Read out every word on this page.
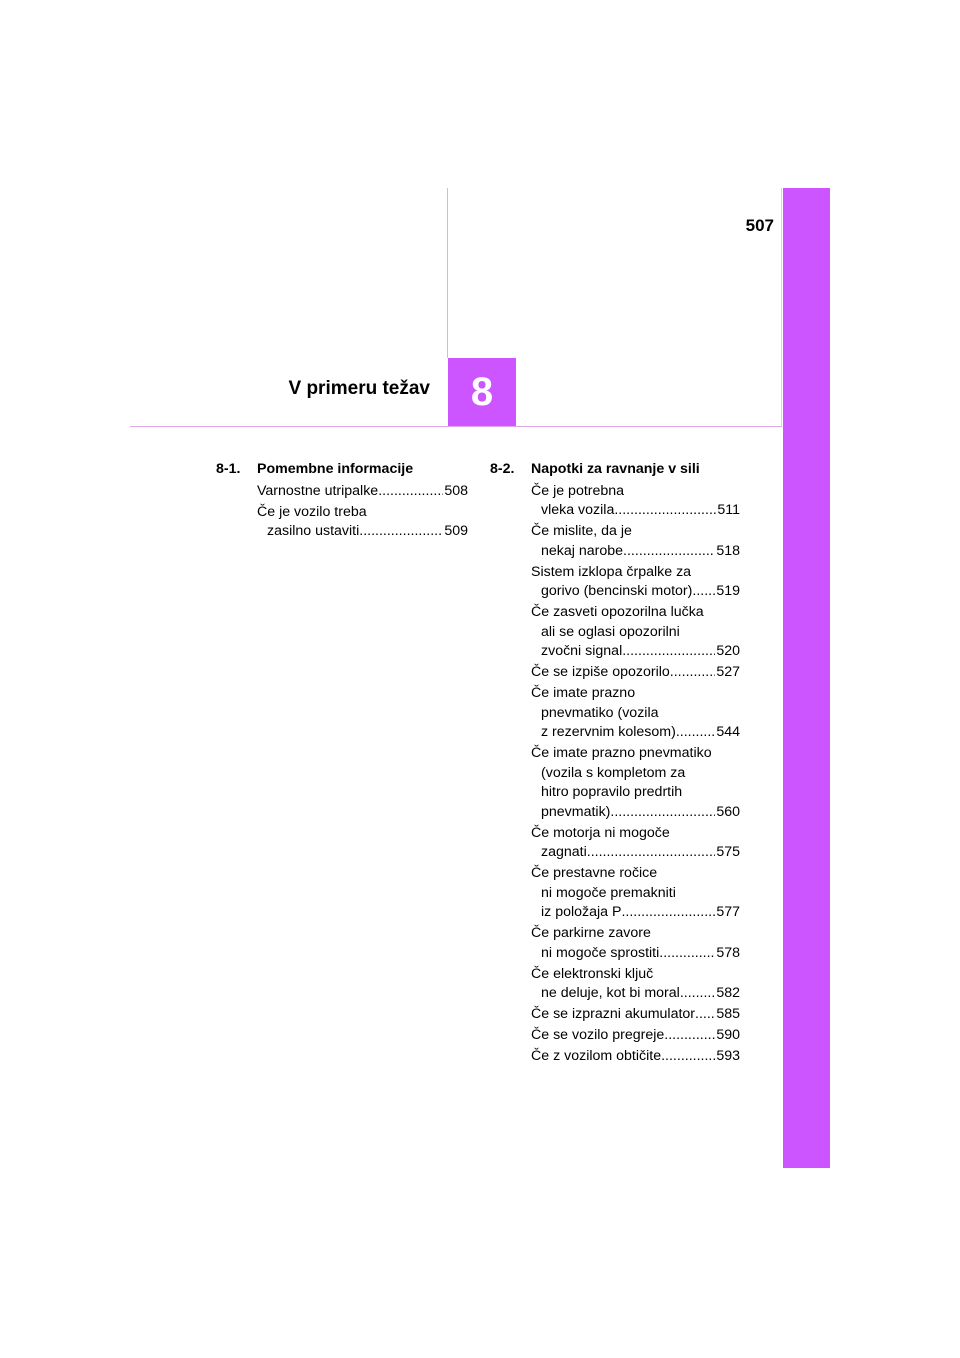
507
V primeru težav 8
8-1.	Pomembne informacije
Varnostne utripalke .....	508
Če je vozilo treba
zasilno ustaviti .....	509
8-2.	Napotki za ravnanje v sili
Če je potrebna
vleka vozila .....	511
Če mislite, da je
nekaj narobe .....	518
Sistem izklopa črpalke za
gorivo (bencinski motor) ..... 519
Če zasveti opozorilna lučka
ali se oglasi opozorilni
zvočni signal .....	520
Če se izpiše opozorilo .....	527
Če imate prazno
pnevmatiko (vozila
z rezervnim kolesom) .....	544
Če imate prazno pnevmatiko
(vozila s kompletom za
hitro popravilo predrtih
pnevmatik) .....	560
Če motorja ni mogoče
zagnati .....	575
Če prestavne ročice
ni mogoče premakniti
iz položaja P .....	577
Če parkirne zavore
ni mogoče sprostiti .....	578
Če elektronski ključ
ne deluje, kot bi moral .....	582
Če se izprazni akumulator ..... 585
Če se vozilo pregreje .....	590
Če z vozilom obtičite .....	593
